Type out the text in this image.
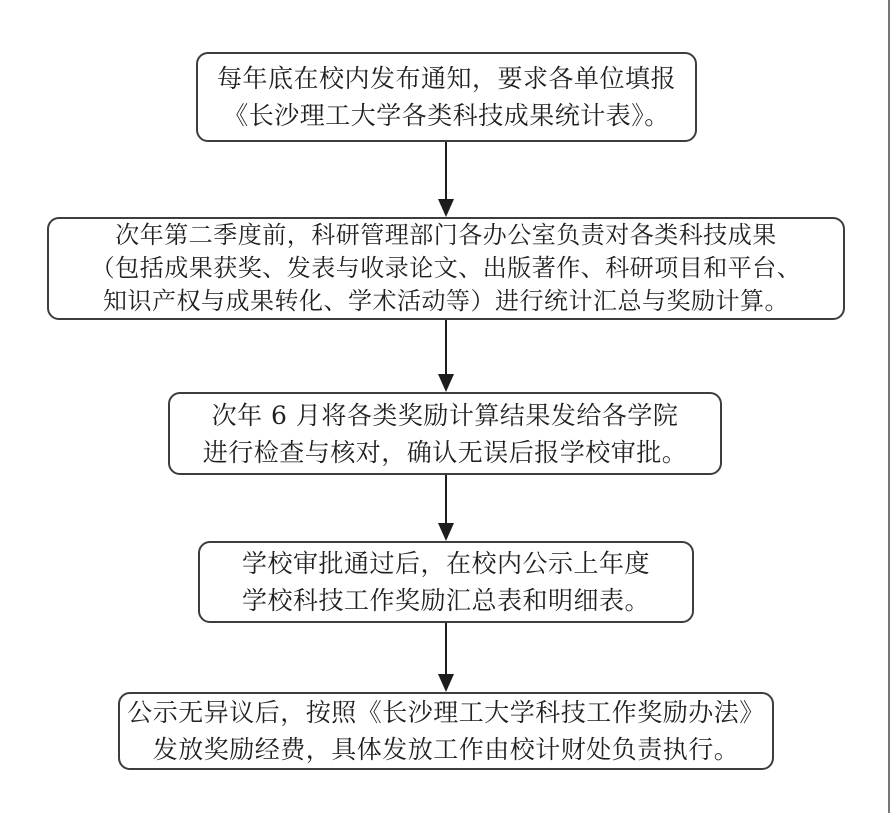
每年底在校内发布通知，要求各单位填报
《长沙理工大学各类科技成果统计表》。
次年第二季度前，科研管理部门各办公室负责对各类科技成果
（包括成果获奖、发表与收录论文、出版著作、科研项目和平台、
知识产权与成果转化、学术活动等）进行统计汇总与奖励计算。
次年 6 月将各类奖励计算结果发给各学院
进行检查与核对，确认无误后报学校审批。
学校审批通过后，在校内公示上年度
学校科技工作奖励汇总表和明细表。
公示无异议后，按照《长沙理工大学科技工作奖励办法》
发放奖励经费，具体发放工作由校计财处负责执行。
